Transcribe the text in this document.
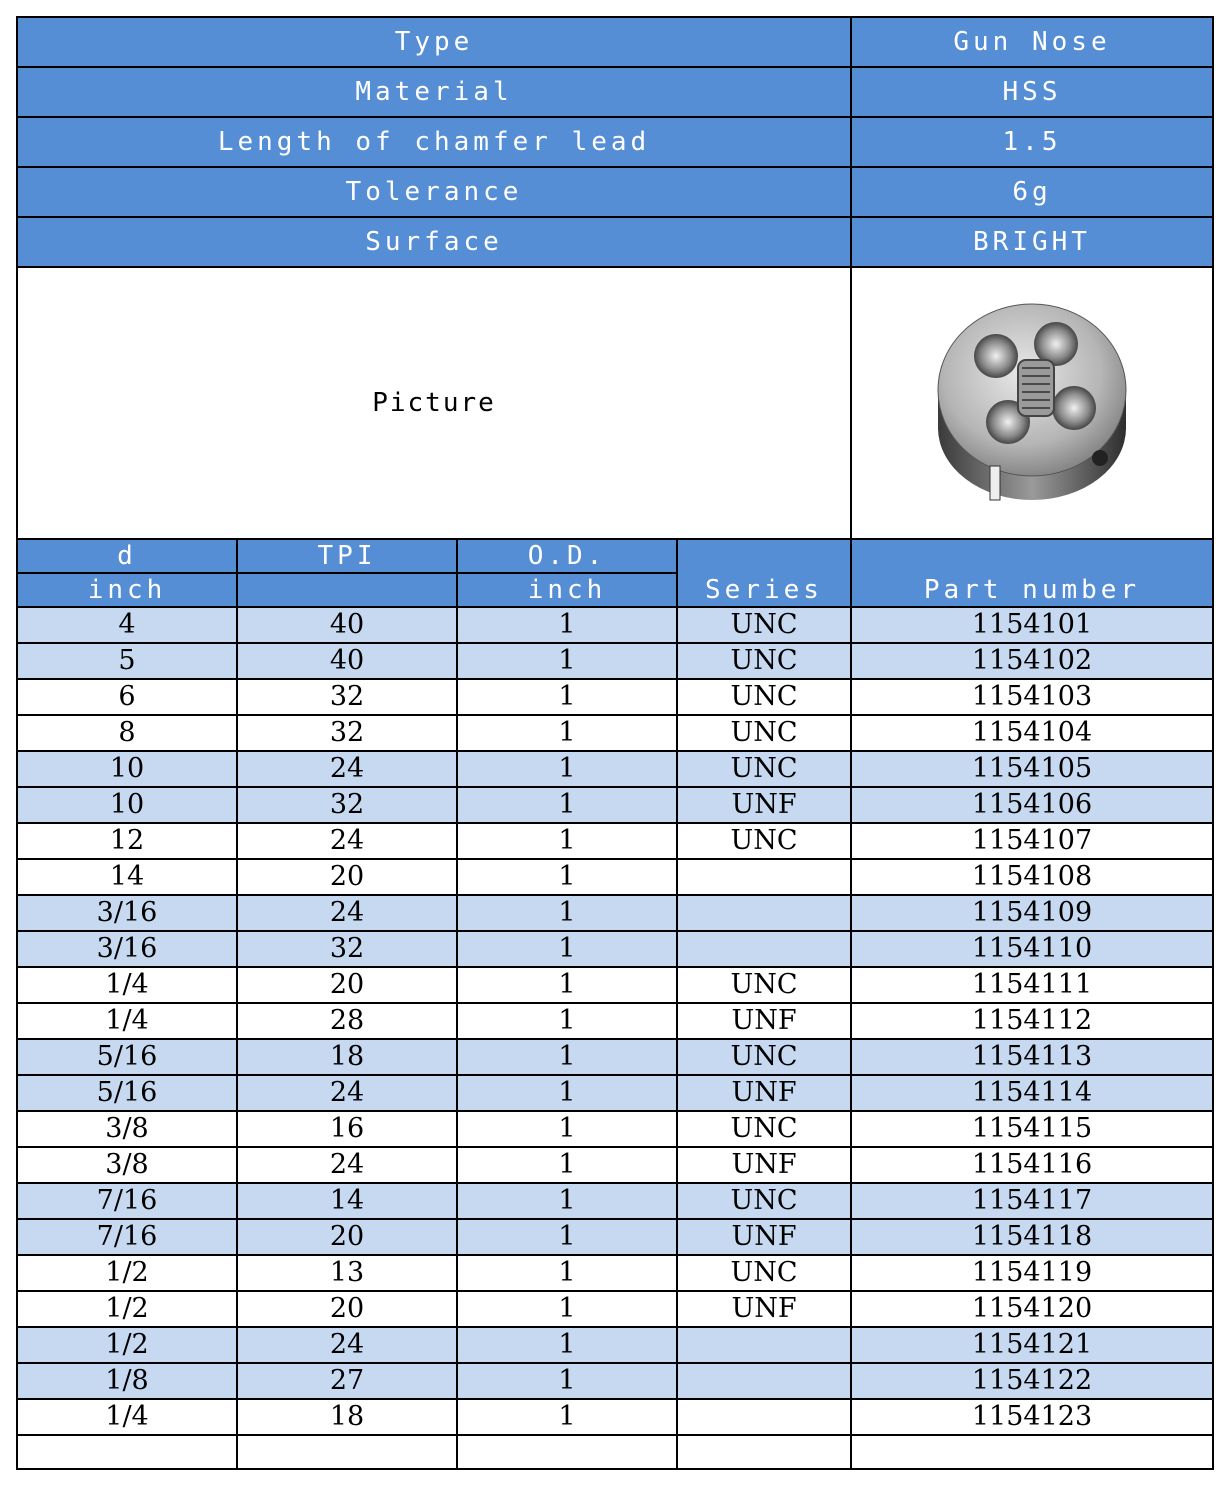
Type				Gun Nose
Material				HSS
Length of chamfer lead				1.5
Tolerance				6g
Surface				BRIGHT
Picture	

d	TPI	O.D.	Series	Part number
inch		inch		
4	40	1	UNC	1154101
5	40	1	UNC	1154102
6	32	1	UNC	1154103
8	32	1	UNC	1154104
10	24	1	UNC	1154105
10	32	1	UNF	1154106
12	24	1	UNC	1154107
14	20	1		1154108
3/16	24	1		1154109
3/16	32	1		1154110
1/4	20	1	UNC	1154111
1/4	28	1	UNF	1154112
5/16	18	1	UNC	1154113
5/16	24	1	UNF	1154114
3/8	16	1	UNC	1154115
3/8	24	1	UNF	1154116
7/16	14	1	UNC	1154117
7/16	20	1	UNF	1154118
1/2	13	1	UNC	1154119
1/2	20	1	UNF	1154120
1/2	24	1		1154121
1/8	27	1		1154122
1/4	18	1		1154123
